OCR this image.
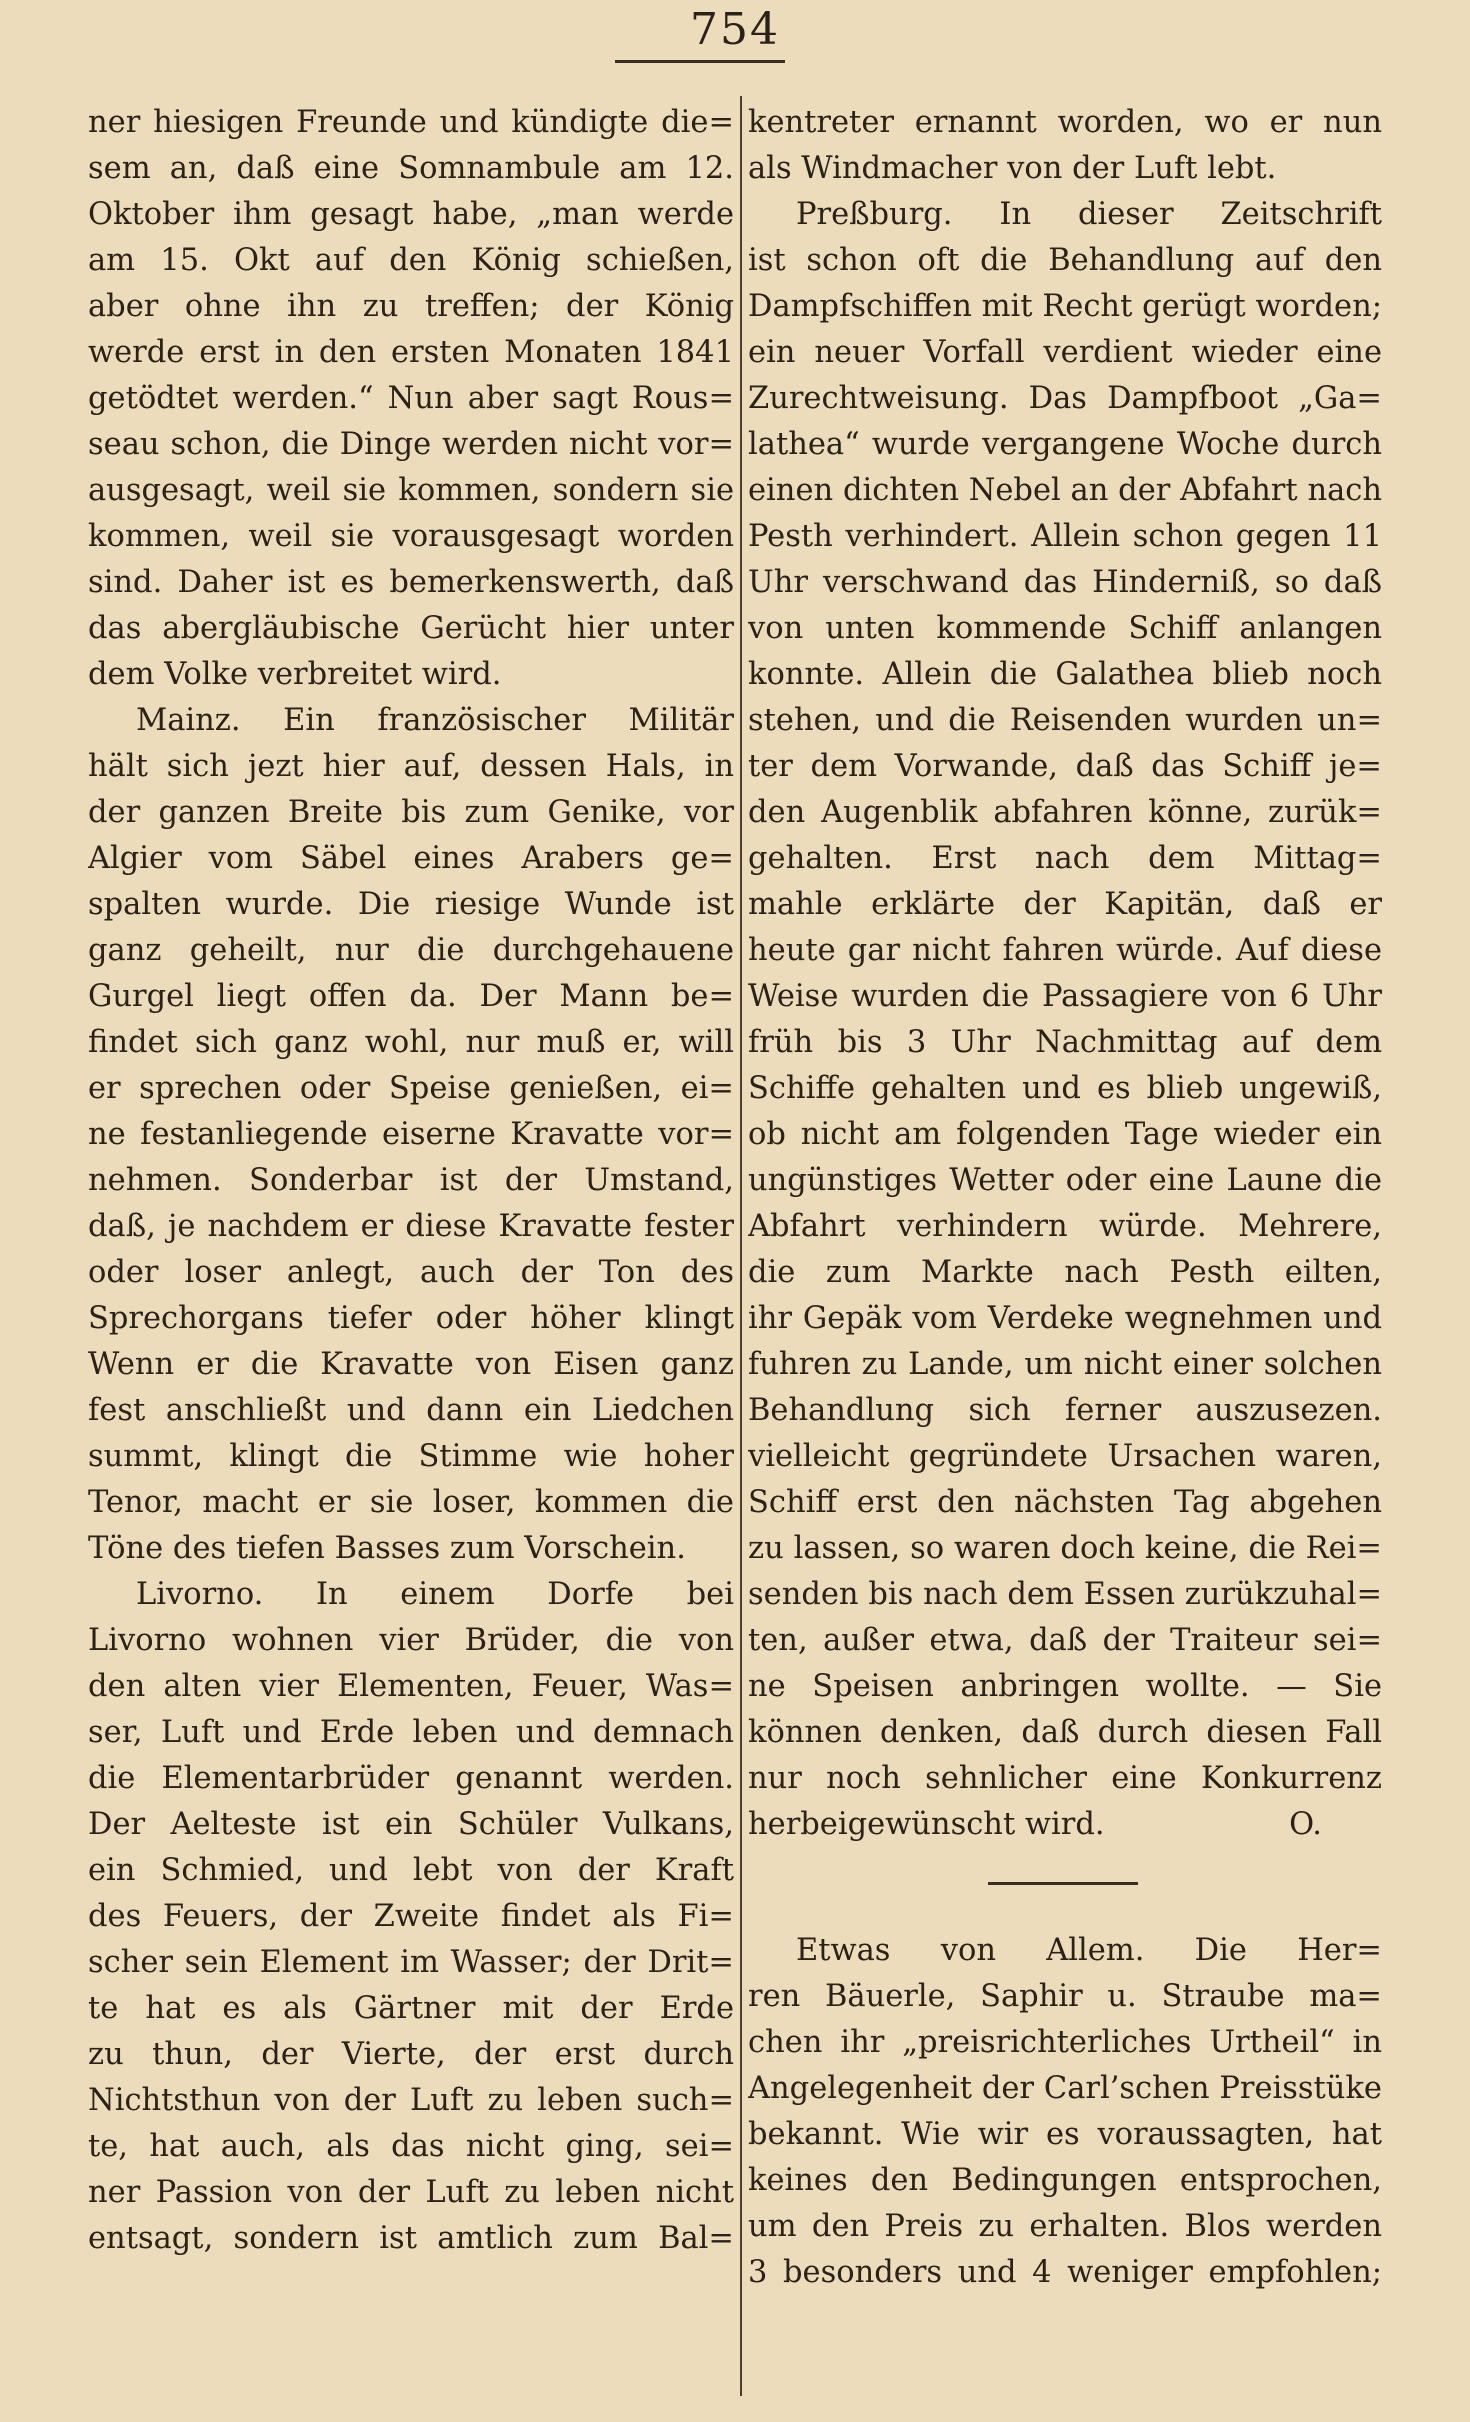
754
ner hiesigen Freunde und kündigte die=
sem an, daß eine Somnambule am 12.
Oktober ihm gesagt habe, „man werde
am 15. Okt auf den König schießen,
aber ohne ihn zu treffen; der König
werde erst in den ersten Monaten 1841
getödtet werden.“ Nun aber sagt Rous=
seau schon, die Dinge werden nicht vor=
ausgesagt, weil sie kommen, sondern sie
kommen, weil sie vorausgesagt worden
sind. Daher ist es bemerkenswerth, daß
das abergläubische Gerücht hier unter
dem Volke verbreitet wird.
Mainz. Ein französischer Militär
hält sich jezt hier auf, dessen Hals, in
der ganzen Breite bis zum Genike, vor
Algier vom Säbel eines Arabers ge=
spalten wurde. Die riesige Wunde ist
ganz geheilt, nur die durchgehauene
Gurgel liegt offen da. Der Mann be=
findet sich ganz wohl, nur muß er, will
er sprechen oder Speise genießen, ei=
ne festanliegende eiserne Kravatte vor=
nehmen. Sonderbar ist der Umstand,
daß, je nachdem er diese Kravatte fester
oder loser anlegt, auch der Ton des
Sprechorgans tiefer oder höher klingt
Wenn er die Kravatte von Eisen ganz
fest anschließt und dann ein Liedchen
summt, klingt die Stimme wie hoher
Tenor, macht er sie loser, kommen die
Töne des tiefen Basses zum Vorschein.
Livorno. In einem Dorfe bei
Livorno wohnen vier Brüder, die von
den alten vier Elementen, Feuer, Was=
ser, Luft und Erde leben und demnach
die Elementarbrüder genannt werden.
Der Aelteste ist ein Schüler Vulkans,
ein Schmied, und lebt von der Kraft
des Feuers, der Zweite findet als Fi=
scher sein Element im Wasser; der Drit=
te hat es als Gärtner mit der Erde
zu thun, der Vierte, der erst durch
Nichtsthun von der Luft zu leben such=
te, hat auch, als das nicht ging, sei=
ner Passion von der Luft zu leben nicht
entsagt, sondern ist amtlich zum Bal=
kentreter ernannt worden, wo er nun
als Windmacher von der Luft lebt.
Preßburg. In dieser Zeitschrift
ist schon oft die Behandlung auf den
Dampfschiffen mit Recht gerügt worden;
ein neuer Vorfall verdient wieder eine
Zurechtweisung. Das Dampfboot „Ga=
lathea“ wurde vergangene Woche durch
einen dichten Nebel an der Abfahrt nach
Pesth verhindert. Allein schon gegen 11
Uhr verschwand das Hinderniß, so daß
von unten kommende Schiff anlangen
konnte. Allein die Galathea blieb noch
stehen, und die Reisenden wurden un=
ter dem Vorwande, daß das Schiff je=
den Augenblik abfahren könne, zurük=
gehalten. Erst nach dem Mittag=
mahle erklärte der Kapitän, daß er
heute gar nicht fahren würde. Auf diese
Weise wurden die Passagiere von 6 Uhr
früh bis 3 Uhr Nachmittag auf dem
Schiffe gehalten und es blieb ungewiß,
ob nicht am folgenden Tage wieder ein
ungünstiges Wetter oder eine Laune die
Abfahrt verhindern würde. Mehrere,
die zum Markte nach Pesth eilten,
ihr Gepäk vom Verdeke wegnehmen und
fuhren zu Lande, um nicht einer solchen
Behandlung sich ferner auszusezen.
vielleicht gegründete Ursachen waren,
Schiff erst den nächsten Tag abgehen
zu lassen, so waren doch keine, die Rei=
senden bis nach dem Essen zurükzuhal=
ten, außer etwa, daß der Traiteur sei=
ne Speisen anbringen wollte. — Sie
können denken, daß durch diesen Fall
nur noch sehnlicher eine Konkurrenz
herbeigewünscht wird.	O.
Etwas von Allem. Die Her=
ren Bäuerle, Saphir u. Straube ma=
chen ihr „preisrichterliches Urtheil“ in
Angelegenheit der Carl’schen Preisstüke
bekannt. Wie wir es voraussagten, hat
keines den Bedingungen entsprochen,
um den Preis zu erhalten. Blos werden
3 besonders und 4 weniger empfohlen;
